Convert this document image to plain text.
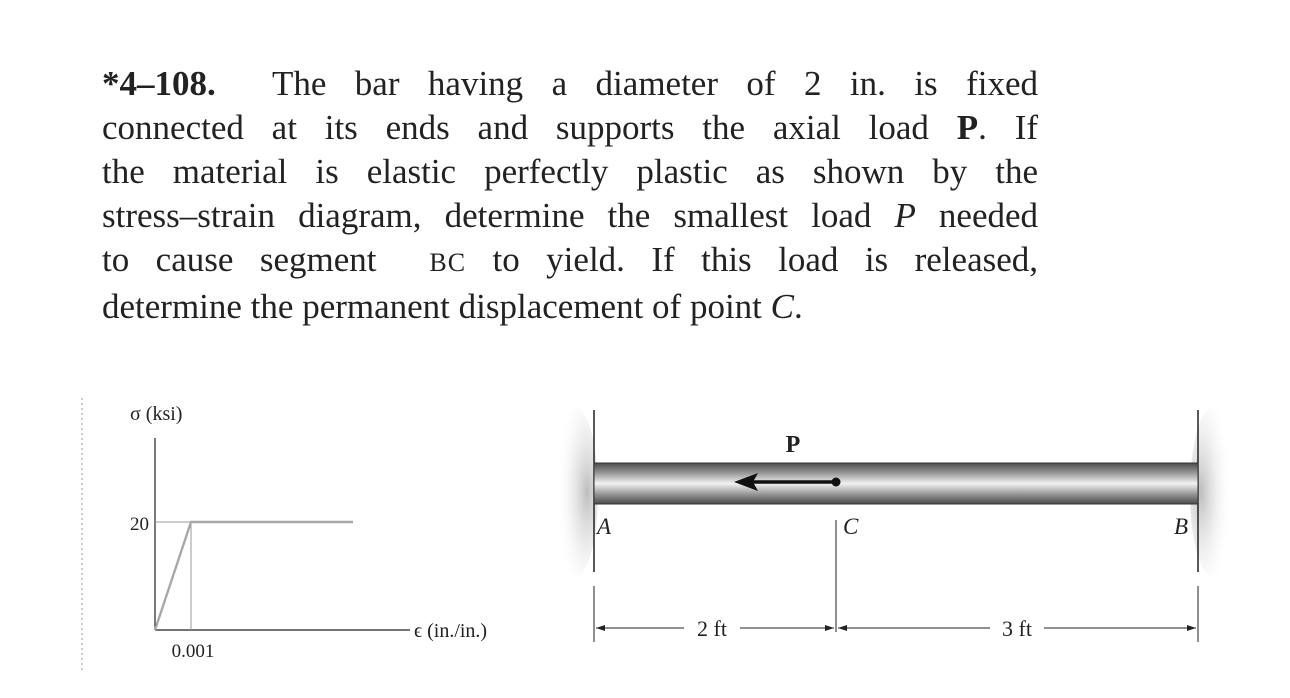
*4–108. The bar having a diameter of 2 in. is fixed
connected at its ends and supports the axial load P. If
the material is elastic perfectly plastic as shown by the
stress–strain diagram, determine the smallest load P needed
to cause segment BC to yield. If this load is released,
determine the permanent displacement of point C.

σ (ksi)
ϵ (in./in.)
20
0.001
P
A	C	B
2 ft	3 ft
